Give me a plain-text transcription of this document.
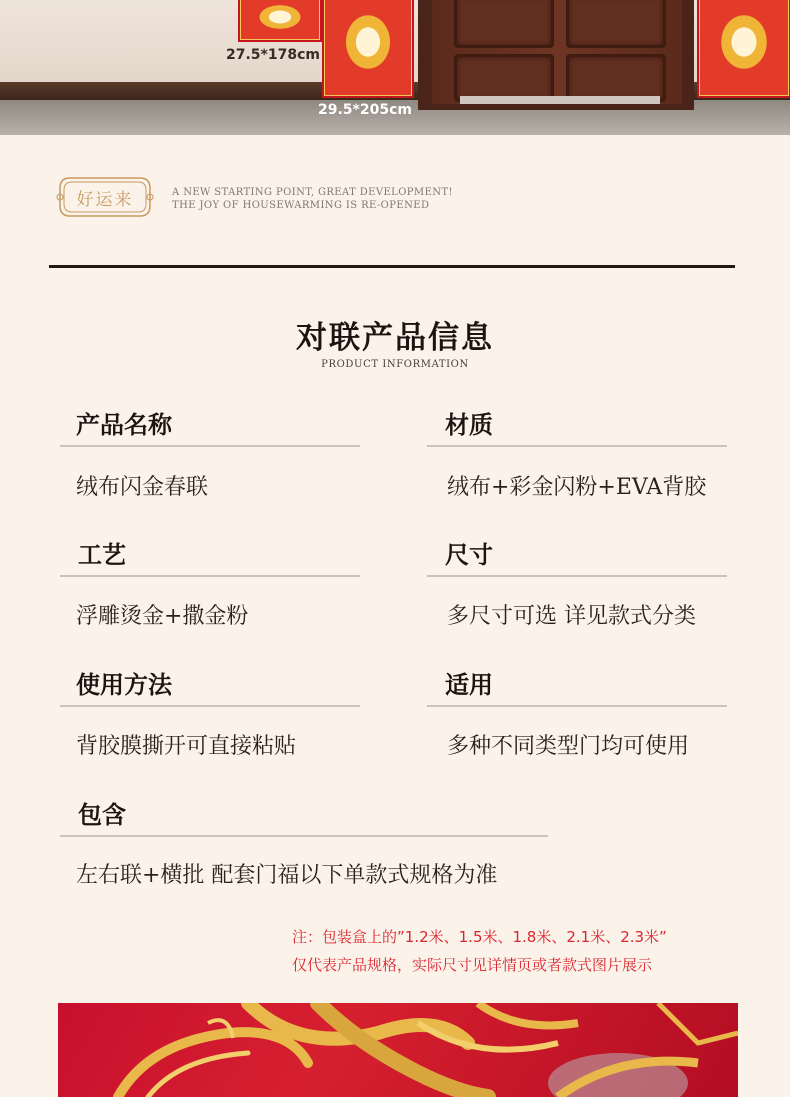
27.5*178cm
29.5*205cm
好运来	A NEW STARTING POINT, GREAT DEVELOPMENT!
THE JOY OF HOUSEWARMING IS RE-OPENED
对联产品信息
PRODUCT INFORMATION
产品名称
绒布闪金春联
材质
绒布+彩金闪粉+EVA背胶
工艺
浮雕烫金+撒金粉
尺寸
多尺寸可选 详见款式分类
使用方法
背胶膜撕开可直接粘贴
适用
多种不同类型门均可使用
包含
左右联+横批 配套门福以下单款式规格为准
注：包装盒上的”1.2米、1.5米、1.8米、2.1米、2.3米”
仅代表产品规格，实际尺寸见详情页或者款式图片展示
